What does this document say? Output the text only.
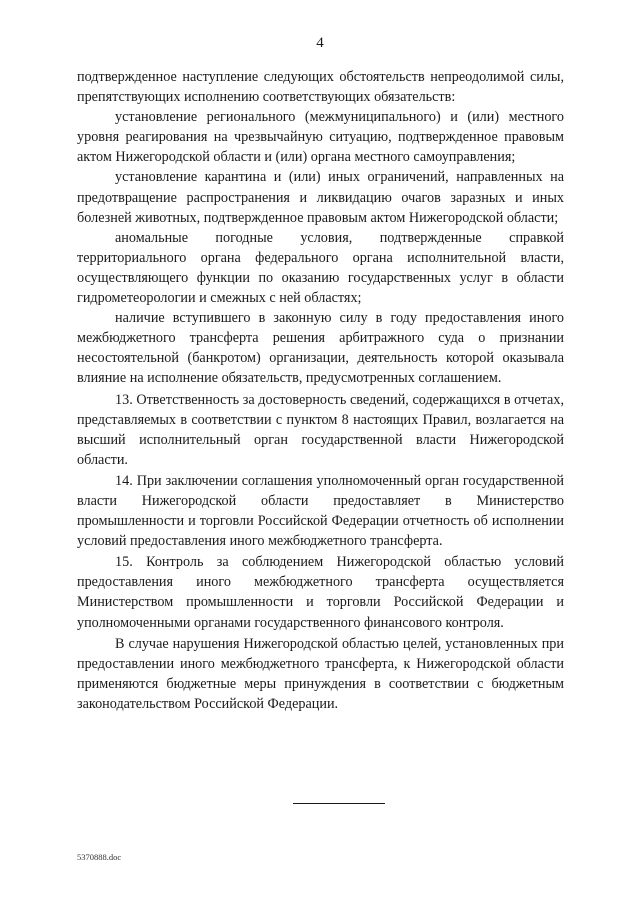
4

подтвержденное наступление следующих обстоятельств непреодолимой силы, препятствующих исполнению соответствующих обязательств:

установление регионального (межмуниципального) и (или) местного уровня реагирования на чрезвычайную ситуацию, подтвержденное правовым актом Нижегородской области и (или) органа местного самоуправления;

установление карантина и (или) иных ограничений, направленных на предотвращение распространения и ликвидацию очагов заразных и иных болезней животных, подтвержденное правовым актом Нижегородской области;

аномальные погодные условия, подтвержденные справкой территориального органа федерального органа исполнительной власти, осуществляющего функции по оказанию государственных услуг в области гидрометеорологии и смежных с ней областях;

наличие вступившего в законную силу в году предоставления иного межбюджетного трансферта решения арбитражного суда о признании несостоятельной (банкротом) организации, деятельность которой оказывала влияние на исполнение обязательств, предусмотренных соглашением.

13. Ответственность за достоверность сведений, содержащихся в отчетах, представляемых в соответствии с пунктом 8 настоящих Правил, возлагается на высший исполнительный орган государственной власти Нижегородской области.

14. При заключении соглашения уполномоченный орган государственной власти Нижегородской области предоставляет в Министерство промышленности и торговли Российской Федерации отчетность об исполнении условий предоставления иного межбюджетного трансферта.

15. Контроль за соблюдением Нижегородской областью условий предоставления иного межбюджетного трансферта осуществляется Министерством промышленности и торговли Российской Федерации и уполномоченными органами государственного финансового контроля.

В случае нарушения Нижегородской областью целей, установленных при предоставлении иного межбюджетного трансферта, к Нижегородской области применяются бюджетные меры принуждения в соответствии с бюджетным законодательством Российской Федерации.

5370888.doc
